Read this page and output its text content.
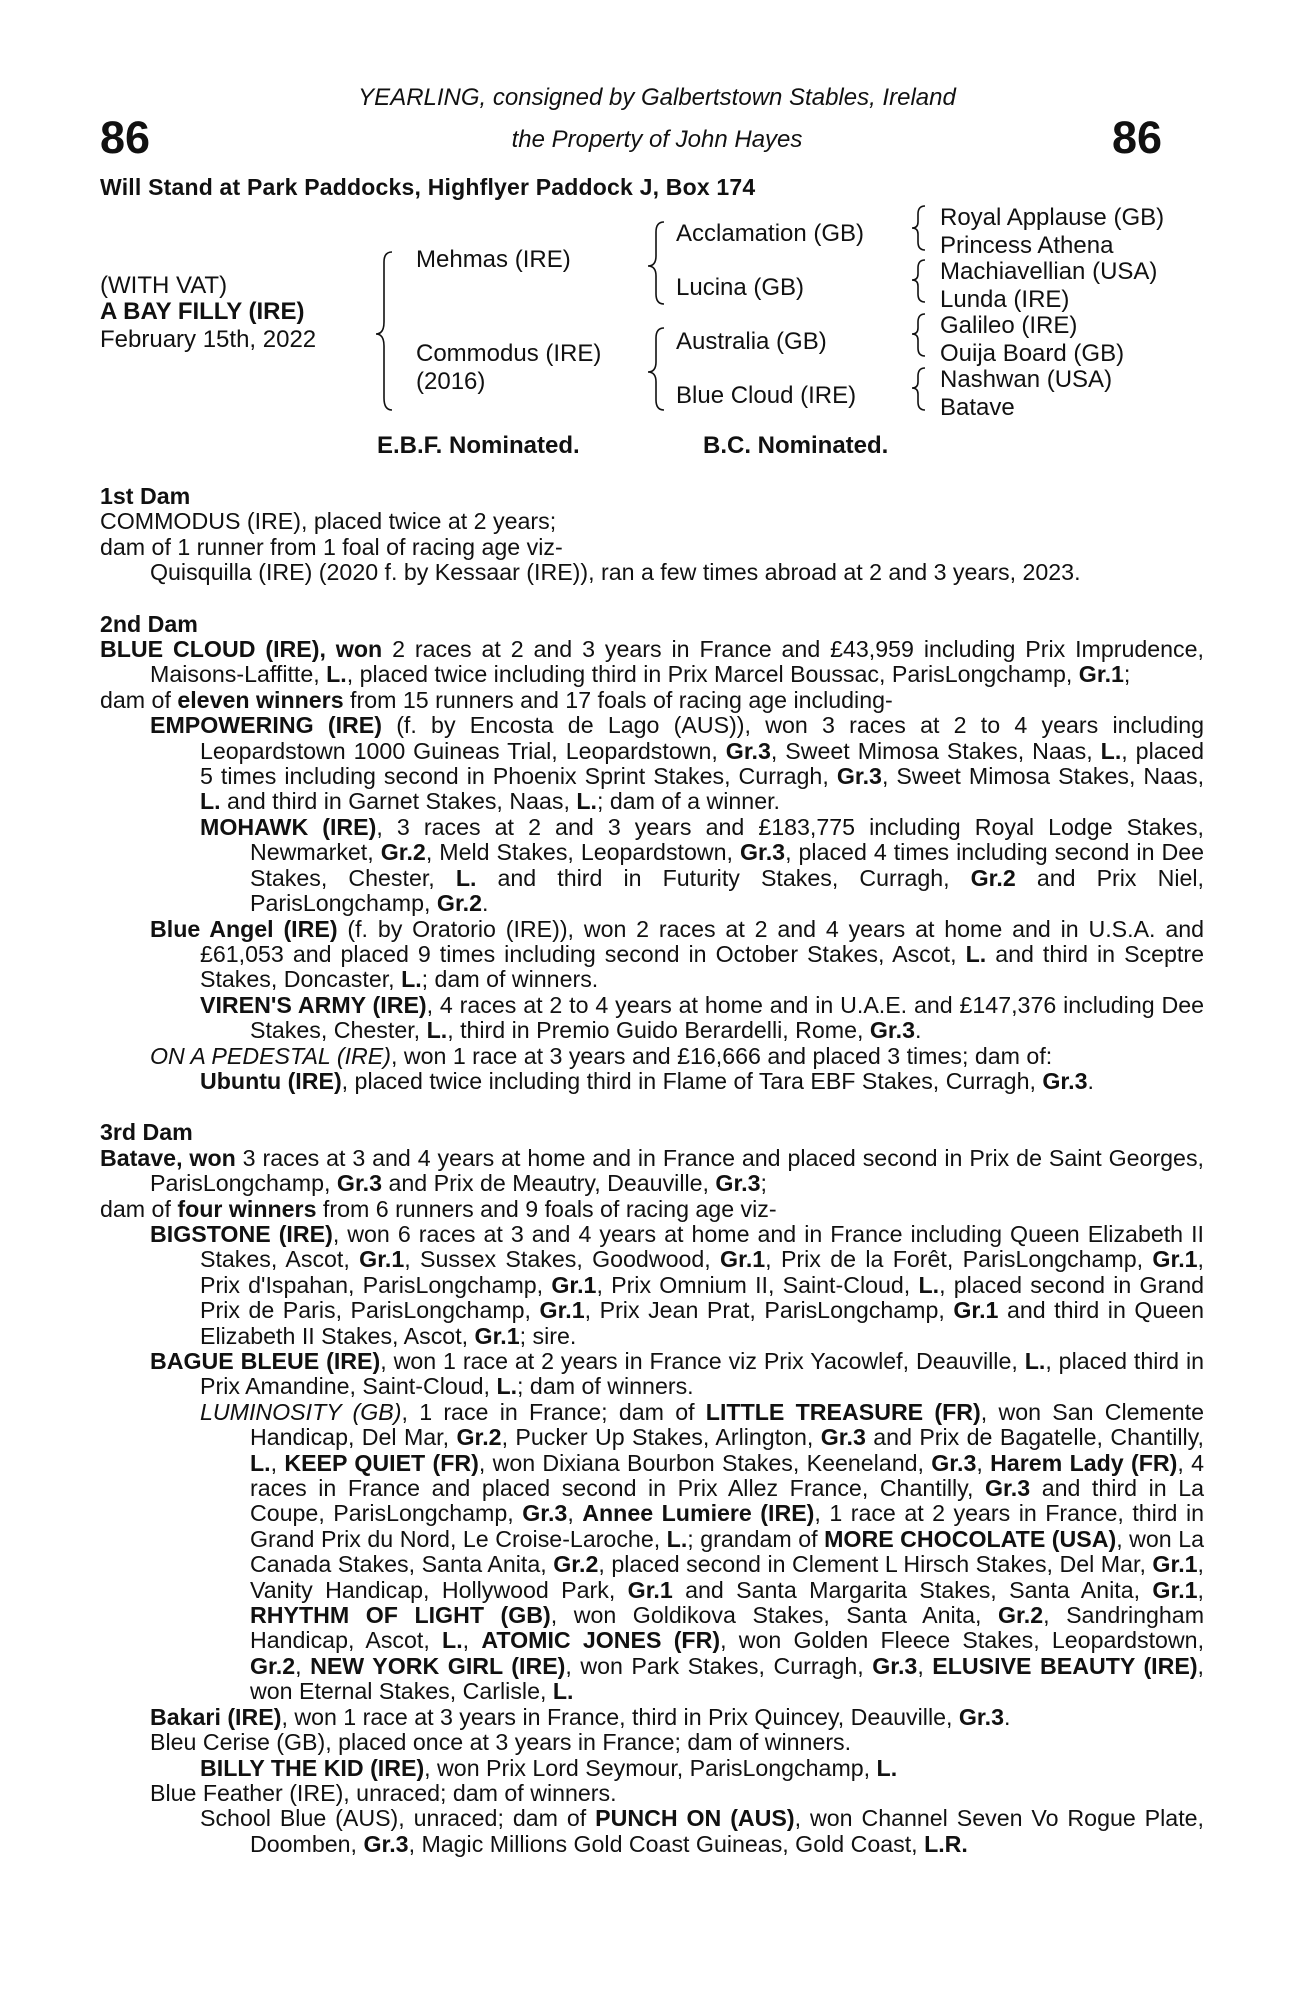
86	86
YEARLING, consigned by Galbertstown Stables, Ireland
the Property of John Hayes
Will Stand at Park Paddocks, Highflyer Paddock J, Box 174
(WITH VAT)
A BAY FILLY (IRE)
February 15th, 2022
Mehmas (IRE)
Commodus (IRE)
(2016)
Acclamation (GB)
Lucina (GB)
Australia (GB)
Blue Cloud (IRE)
Royal Applause (GB)
Princess Athena
Machiavellian (USA)
Lunda (IRE)
Galileo (IRE)
Ouija Board (GB)
Nashwan (USA)
Batave
E.B.F. Nominated.	B.C. Nominated.
1st Dam
COMMODUS (IRE), placed twice at 2 years;
dam of 1 runner from 1 foal of racing age viz-
Quisquilla (IRE) (2020 f. by Kessaar (IRE)), ran a few times abroad at 2 and 3 years, 2023.
2nd Dam
BLUE CLOUD (IRE), won 2 races at 2 and 3 years in France and £43,959 including Prix Imprudence, Maisons-Laffitte, L., placed twice including third in Prix Marcel Boussac, ParisLongchamp, Gr.1;
dam of eleven winners from 15 runners and 17 foals of racing age including-
EMPOWERING (IRE) (f. by Encosta de Lago (AUS)), won 3 races at 2 to 4 years including Leopardstown 1000 Guineas Trial, Leopardstown, Gr.3, Sweet Mimosa Stakes, Naas, L., placed 5 times including second in Phoenix Sprint Stakes, Curragh, Gr.3, Sweet Mimosa Stakes, Naas, L. and third in Garnet Stakes, Naas, L.; dam of a winner.
MOHAWK (IRE), 3 races at 2 and 3 years and £183,775 including Royal Lodge Stakes, Newmarket, Gr.2, Meld Stakes, Leopardstown, Gr.3, placed 4 times including second in Dee Stakes, Chester, L. and third in Futurity Stakes, Curragh, Gr.2 and Prix Niel, ParisLongchamp, Gr.2.
Blue Angel (IRE) (f. by Oratorio (IRE)), won 2 races at 2 and 4 years at home and in U.S.A. and £61,053 and placed 9 times including second in October Stakes, Ascot, L. and third in Sceptre Stakes, Doncaster, L.; dam of winners.
VIREN'S ARMY (IRE), 4 races at 2 to 4 years at home and in U.A.E. and £147,376 including Dee Stakes, Chester, L., third in Premio Guido Berardelli, Rome, Gr.3.
ON A PEDESTAL (IRE), won 1 race at 3 years and £16,666 and placed 3 times; dam of:
Ubuntu (IRE), placed twice including third in Flame of Tara EBF Stakes, Curragh, Gr.3.
3rd Dam
Batave, won 3 races at 3 and 4 years at home and in France and placed second in Prix de Saint Georges, ParisLongchamp, Gr.3 and Prix de Meautry, Deauville, Gr.3;
dam of four winners from 6 runners and 9 foals of racing age viz-
BIGSTONE (IRE), won 6 races at 3 and 4 years at home and in France including Queen Elizabeth II Stakes, Ascot, Gr.1, Sussex Stakes, Goodwood, Gr.1, Prix de la Forêt, ParisLongchamp, Gr.1, Prix d'Ispahan, ParisLongchamp, Gr.1, Prix Omnium II, Saint-Cloud, L., placed second in Grand Prix de Paris, ParisLongchamp, Gr.1, Prix Jean Prat, ParisLongchamp, Gr.1 and third in Queen Elizabeth II Stakes, Ascot, Gr.1; sire.
BAGUE BLEUE (IRE), won 1 race at 2 years in France viz Prix Yacowlef, Deauville, L., placed third in Prix Amandine, Saint-Cloud, L.; dam of winners.
LUMINOSITY (GB), 1 race in France; dam of LITTLE TREASURE (FR), won San Clemente Handicap, Del Mar, Gr.2, Pucker Up Stakes, Arlington, Gr.3 and Prix de Bagatelle, Chantilly, L., KEEP QUIET (FR), won Dixiana Bourbon Stakes, Keeneland, Gr.3, Harem Lady (FR), 4 races in France and placed second in Prix Allez France, Chantilly, Gr.3 and third in La Coupe, ParisLongchamp, Gr.3, Annee Lumiere (IRE), 1 race at 2 years in France, third in Grand Prix du Nord, Le Croise-Laroche, L.; grandam of MORE CHOCOLATE (USA), won La Canada Stakes, Santa Anita, Gr.2, placed second in Clement L Hirsch Stakes, Del Mar, Gr.1, Vanity Handicap, Hollywood Park, Gr.1 and Santa Margarita Stakes, Santa Anita, Gr.1, RHYTHM OF LIGHT (GB), won Goldikova Stakes, Santa Anita, Gr.2, Sandringham Handicap, Ascot, L., ATOMIC JONES (FR), won Golden Fleece Stakes, Leopardstown, Gr.2, NEW YORK GIRL (IRE), won Park Stakes, Curragh, Gr.3, ELUSIVE BEAUTY (IRE), won Eternal Stakes, Carlisle, L.
Bakari (IRE), won 1 race at 3 years in France, third in Prix Quincey, Deauville, Gr.3.
Bleu Cerise (GB), placed once at 3 years in France; dam of winners.
BILLY THE KID (IRE), won Prix Lord Seymour, ParisLongchamp, L.
Blue Feather (IRE), unraced; dam of winners.
School Blue (AUS), unraced; dam of PUNCH ON (AUS), won Channel Seven Vo Rogue Plate, Doomben, Gr.3, Magic Millions Gold Coast Guineas, Gold Coast, L.R.
